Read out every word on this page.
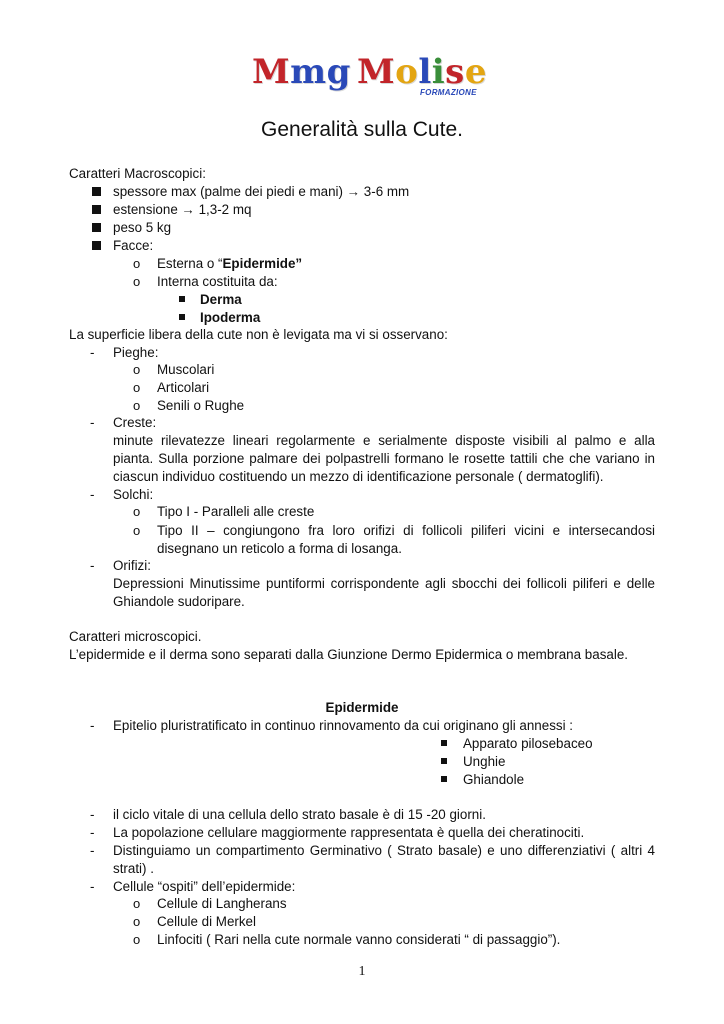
Mmg Molise
FORMAZIONE
Generalità sulla Cute.
Caratteri Macroscopici:
spessore max (palme dei piedi e mani) → 3-6 mm
estensione → 1,3-2 mq
peso 5 kg
Facce:
o Esterna o “Epidermide”
o Interna costituita da:
Derma
Ipoderma
La superficie libera della cute non è levigata ma vi si osservano:
- Pieghe:
o Muscolari
o Articolari
o Senili o Rughe
- Creste:
minute rilevatezze lineari regolarmente e serialmente disposte visibili al palmo e alla
pianta. Sulla porzione palmare dei polpastrelli formano le rosette tattili che che variano in
ciascun individuo costituendo un mezzo di identificazione personale ( dermatoglifi).
- Solchi:
o Tipo I - Paralleli alle creste
o Tipo II – congiungono fra loro orifizi di follicoli piliferi vicini e intersecandosi
disegnano un reticolo a forma di losanga.
- Orifizi:
Depressioni Minutissime puntiformi corrispondente agli sbocchi dei follicoli piliferi e delle
Ghiandole sudoripare.
Caratteri microscopici.
L’epidermide e il derma sono separati dalla Giunzione Dermo Epidermica o membrana basale.
Epidermide
- Epitelio pluristratificato in continuo rinnovamento da cui originano gli annessi :
Apparato pilosebaceo
Unghie
Ghiandole
- il ciclo vitale di una cellula dello strato basale è di 15 -20 giorni.
- La popolazione cellulare maggiormente rappresentata è quella dei cheratinociti.
- Distinguiamo un compartimento Germinativo ( Strato basale) e uno differenziativi ( altri 4
strati) .
- Cellule “ospiti” dell’epidermide:
o Cellule di Langherans
o Cellule di Merkel
o Linfociti ( Rari nella cute normale vanno considerati “ di passaggio”).
1
